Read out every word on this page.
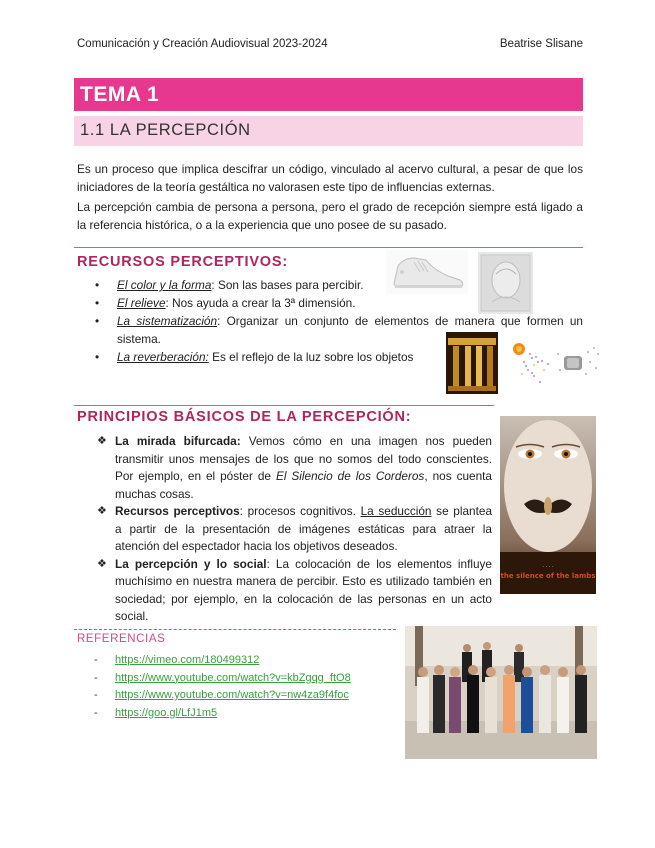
Comunicación y Creación Audiovisual 2023-2024	Beatrise Slisane
TEMA 1
1.1 LA PERCEPCIÓN
Es un proceso que implica descifrar un código, vinculado al acervo cultural, a pesar de que los iniciadores de la teoría gestáltica no valorasen este tipo de influencias externas.
La percepción cambia de persona a persona, pero el grado de recepción siempre está ligado a la referencia histórica, o a la experiencia que uno posee de su pasado.
RECURSOS PERCEPTIVOS:
• El color y la forma: Son las bases para percibir.
• El relieve: Nos ayuda a crear la 3ª dimensión.
• La sistematización: Organizar un conjunto de elementos de manera que formen un sistema.
• La reverberación: Es el reflejo de la luz sobre los objetos
PRINCIPIOS BÁSICOS DE LA PERCEPCIÓN:
❖ La mirada bifurcada: Vemos cómo en una imagen nos pueden transmitir unos mensajes de los que no somos del todo conscientes. Por ejemplo, en el póster de El Silencio de los Corderos, nos cuenta muchas cosas.
❖ Recursos perceptivos: procesos cognitivos. La seducción se plantea a partir de la presentación de imágenes estáticas para atraer la atención del espectador hacia los objetivos deseados.
❖ La percepción y lo social: La colocación de los elementos influye muchísimo en nuestra manera de percibir. Esto es utilizado también en sociedad; por ejemplo, en la colocación de las personas en un acto social.
· · · ·
the silence of the lambs
REFERENCIAS
- https://vimeo.com/180499312
- https://www.youtube.com/watch?v=kbZgqg_ftO8
- https://www.youtube.com/watch?v=nw4za9f4foc
- https://goo.gl/LfJ1m5
